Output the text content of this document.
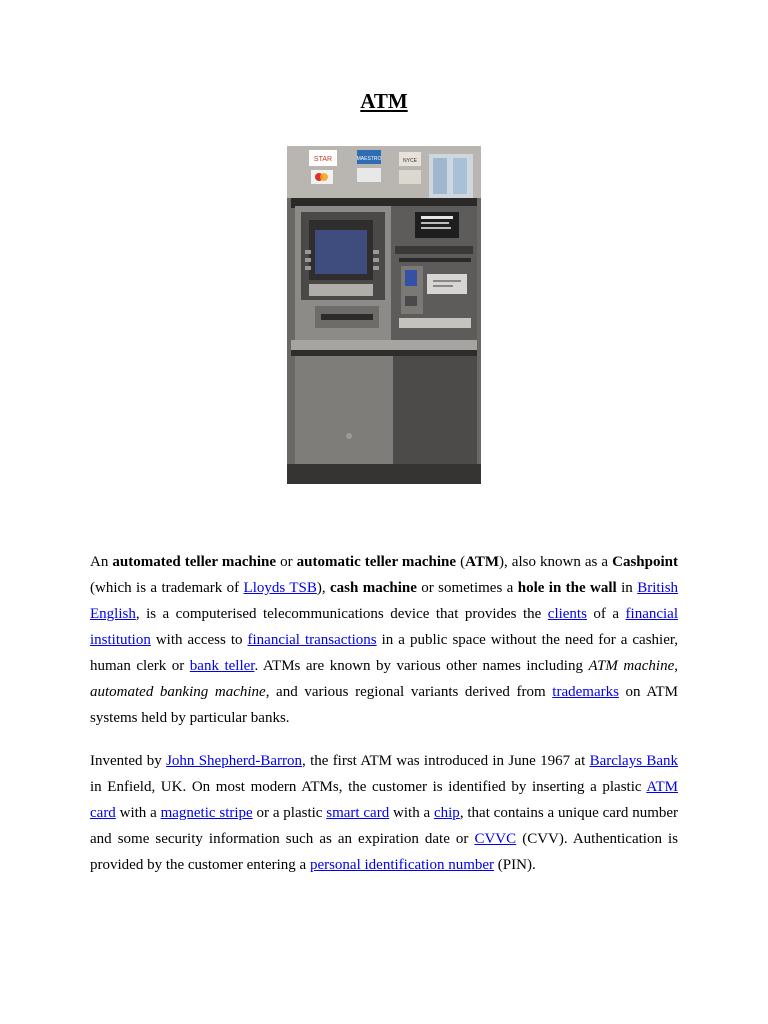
ATM
STAR	MAESTRO	NYCE

An automated teller machine or automatic teller machine (ATM), also known as a Cashpoint (which is a trademark of Lloyds TSB), cash machine or sometimes a hole in the wall in British English, is a computerised telecommunications device that provides the clients of a financial institution with access to financial transactions in a public space without the need for a cashier, human clerk or bank teller. ATMs are known by various other names including ATM machine, automated banking machine, and various regional variants derived from trademarks on ATM systems held by particular banks.

Invented by John Shepherd-Barron, the first ATM was introduced in June 1967 at Barclays Bank in Enfield, UK. On most modern ATMs, the customer is identified by inserting a plastic ATM card with a magnetic stripe or a plastic smart card with a chip, that contains a unique card number and some security information such as an expiration date or CVVC (CVV). Authentication is provided by the customer entering a personal identification number (PIN).
